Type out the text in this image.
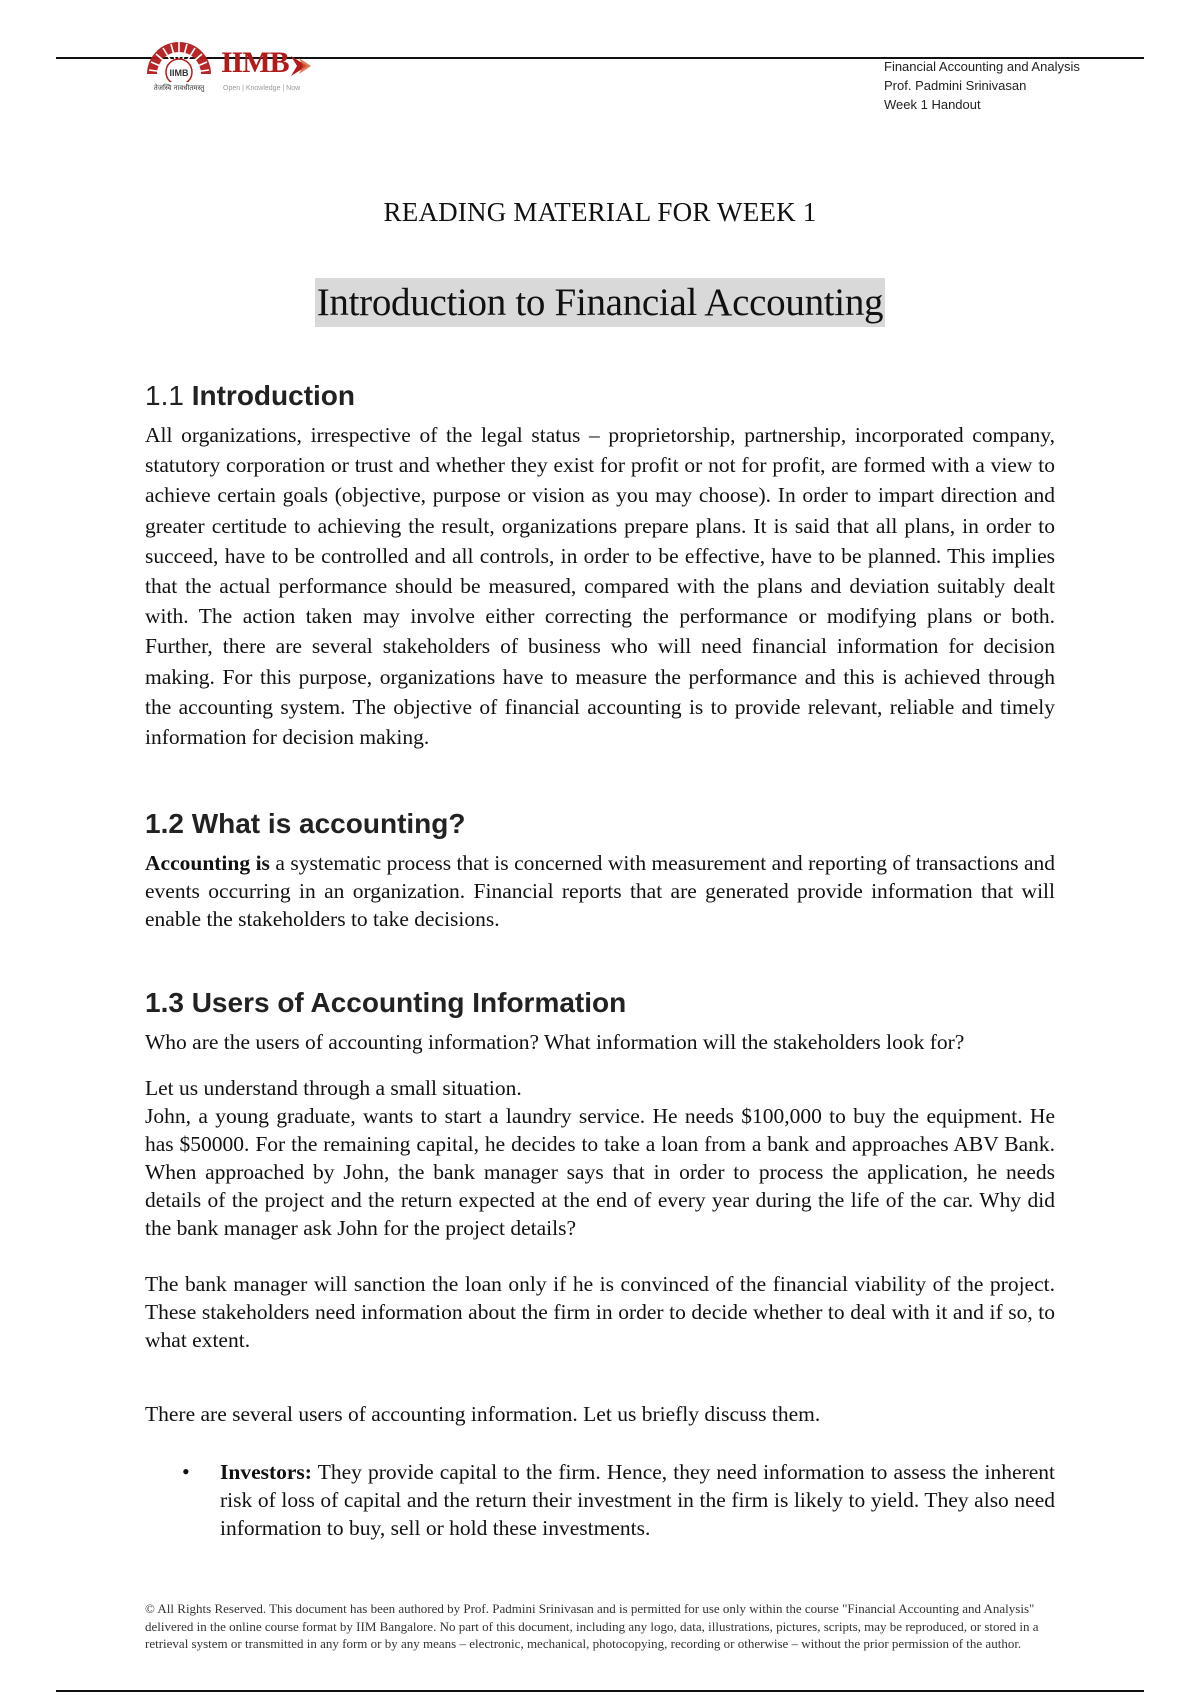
IIMB
तेजस्वि नावधीतमस्तु
IIMB
Open | Knowledge | Now
Financial Accounting and Analysis
Prof. Padmini Srinivasan
Week 1 Handout
READING MATERIAL FOR WEEK 1
Introduction to Financial Accounting
1.1 Introduction

All organizations, irrespective of the legal status – proprietorship, partnership, incorporated company, statutory corporation or trust and whether they exist for profit or not for profit, are formed with a view to achieve certain goals (objective, purpose or vision as you may choose). In order to impart direction and greater certitude to achieving the result, organizations prepare plans. It is said that all plans, in order to succeed, have to be controlled and all controls, in order to be effective, have to be planned. This implies that the actual performance should be measured, compared with the plans and deviation suitably dealt with. The action taken may involve either correcting the performance or modifying plans or both. Further, there are several stakeholders of business who will need financial information for decision making. For this purpose, organizations have to measure the performance and this is achieved through the accounting system. The objective of financial accounting is to provide relevant, reliable and timely information for decision making.

1.2 What is accounting?

Accounting is a systematic process that is concerned with measurement and reporting of transactions and events occurring in an organization. Financial reports that are generated provide information that will enable the stakeholders to take decisions.

1.3 Users of Accounting Information

Who are the users of accounting information? What information will the stakeholders look for?

Let us understand through a small situation.

John, a young graduate, wants to start a laundry service. He needs $100,000 to buy the equipment. He has $50000. For the remaining capital, he decides to take a loan from a bank and approaches ABV Bank. When approached by John, the bank manager says that in order to process the application, he needs details of the project and the return expected at the end of every year during the life of the car. Why did the bank manager ask John for the project details?

The bank manager will sanction the loan only if he is convinced of the financial viability of the project. These stakeholders need information about the firm in order to decide whether to deal with it and if so, to what extent.

There are several users of accounting information. Let us briefly discuss them.

•	Investors: They provide capital to the firm. Hence, they need information to assess the inherent risk of loss of capital and the return their investment in the firm is likely to yield. They also need information to buy, sell or hold these investments.
© All Rights Reserved. This document has been authored by Prof. Padmini Srinivasan and is permitted for use only within the course "Financial Accounting and Analysis" delivered in the online course format by IIM Bangalore. No part of this document, including any logo, data, illustrations, pictures, scripts, may be reproduced, or stored in a retrieval system or transmitted in any form or by any means – electronic, mechanical, photocopying, recording or otherwise – without the prior permission of the author.
